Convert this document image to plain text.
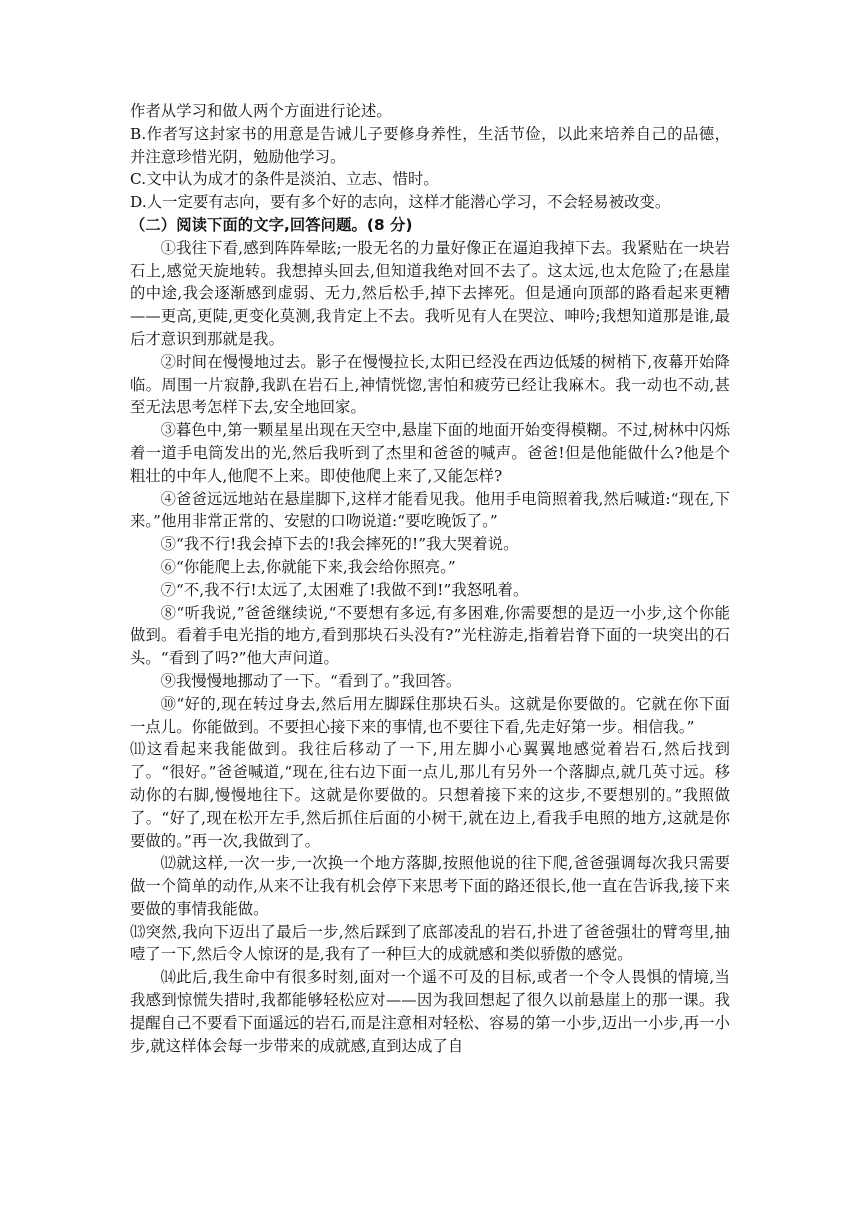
作者从学习和做人两个方面进行论述。

B.作者写这封家书的用意是告诫儿子要修身养性，生活节俭，以此来培养自己的品德，并注意珍惜光阴，勉励他学习。

C.文中认为成才的条件是淡泊、立志、惜时。

D.人一定要有志向，要有多个好的志向，这样才能潜心学习，不会轻易被改变。

（二）阅读下面的文字,回答问题。(8 分)

①我往下看,感到阵阵晕眩;一股无名的力量好像正在逼迫我掉下去。我紧贴在一块岩石上,感觉天旋地转。我想掉头回去,但知道我绝对回不去了。这太远,也太危险了;在悬崖的中途,我会逐渐感到虚弱、无力,然后松手,掉下去摔死。但是通向顶部的路看起来更糟——更高,更陡,更变化莫测,我肯定上不去。我听见有人在哭泣、呻吟;我想知道那是谁,最后才意识到那就是我。

②时间在慢慢地过去。影子在慢慢拉长,太阳已经没在西边低矮的树梢下,夜幕开始降临。周围一片寂静,我趴在岩石上,神情恍惚,害怕和疲劳已经让我麻木。我一动也不动,甚至无法思考怎样下去,安全地回家。

③暮色中,第一颗星星出现在天空中,悬崖下面的地面开始变得模糊。不过,树林中闪烁着一道手电筒发出的光,然后我听到了杰里和爸爸的喊声。爸爸!但是他能做什么?他是个粗壮的中年人,他爬不上来。即使他爬上来了,又能怎样?

④爸爸远远地站在悬崖脚下,这样才能看见我。他用手电筒照着我,然后喊道:“现在,下来。”他用非常正常的、安慰的口吻说道:“要吃晚饭了。”

⑤“我不行!我会掉下去的!我会摔死的!”我大哭着说。

⑥“你能爬上去,你就能下来,我会给你照亮。”

⑦“不,我不行!太远了,太困难了!我做不到!”我怒吼着。

⑧“听我说,”爸爸继续说,“不要想有多远,有多困难,你需要想的是迈一小步,这个你能做到。看着手电光指的地方,看到那块石头没有?”光柱游走,指着岩脊下面的一块突出的石头。“看到了吗?”他大声问道。

⑨我慢慢地挪动了一下。“看到了。”我回答。

⑩“好的,现在转过身去,然后用左脚踩住那块石头。这就是你要做的。它就在你下面一点儿。你能做到。不要担心接下来的事情,也不要往下看,先走好第一步。相信我。”

⑾这看起来我能做到。我往后移动了一下,用左脚小心翼翼地感觉着岩石,然后找到了。“很好。”爸爸喊道,“现在,往右边下面一点儿,那儿有另外一个落脚点,就几英寸远。移动你的右脚,慢慢地往下。这就是你要做的。只想着接下来的这步,不要想别的。”我照做了。“好了,现在松开左手,然后抓住后面的小树干,就在边上,看我手电照的地方,这就是你要做的。”再一次,我做到了。

⑿就这样,一次一步,一次换一个地方落脚,按照他说的往下爬,爸爸强调每次我只需要做一个简单的动作,从来不让我有机会停下来思考下面的路还很长,他一直在告诉我,接下来要做的事情我能做。

⒀突然,我向下迈出了最后一步,然后踩到了底部凌乱的岩石,扑进了爸爸强壮的臂弯里,抽噎了一下,然后令人惊讶的是,我有了一种巨大的成就感和类似骄傲的感觉。

⒁此后,我生命中有很多时刻,面对一个遥不可及的目标,或者一个令人畏惧的情境,当我感到惊慌失措时,我都能够轻松应对——因为我回想起了很久以前悬崖上的那一课。我提醒自己不要看下面遥远的岩石,而是注意相对轻松、容易的第一小步,迈出一小步,再一小步,就这样体会每一步带来的成就感,直到达成了自
